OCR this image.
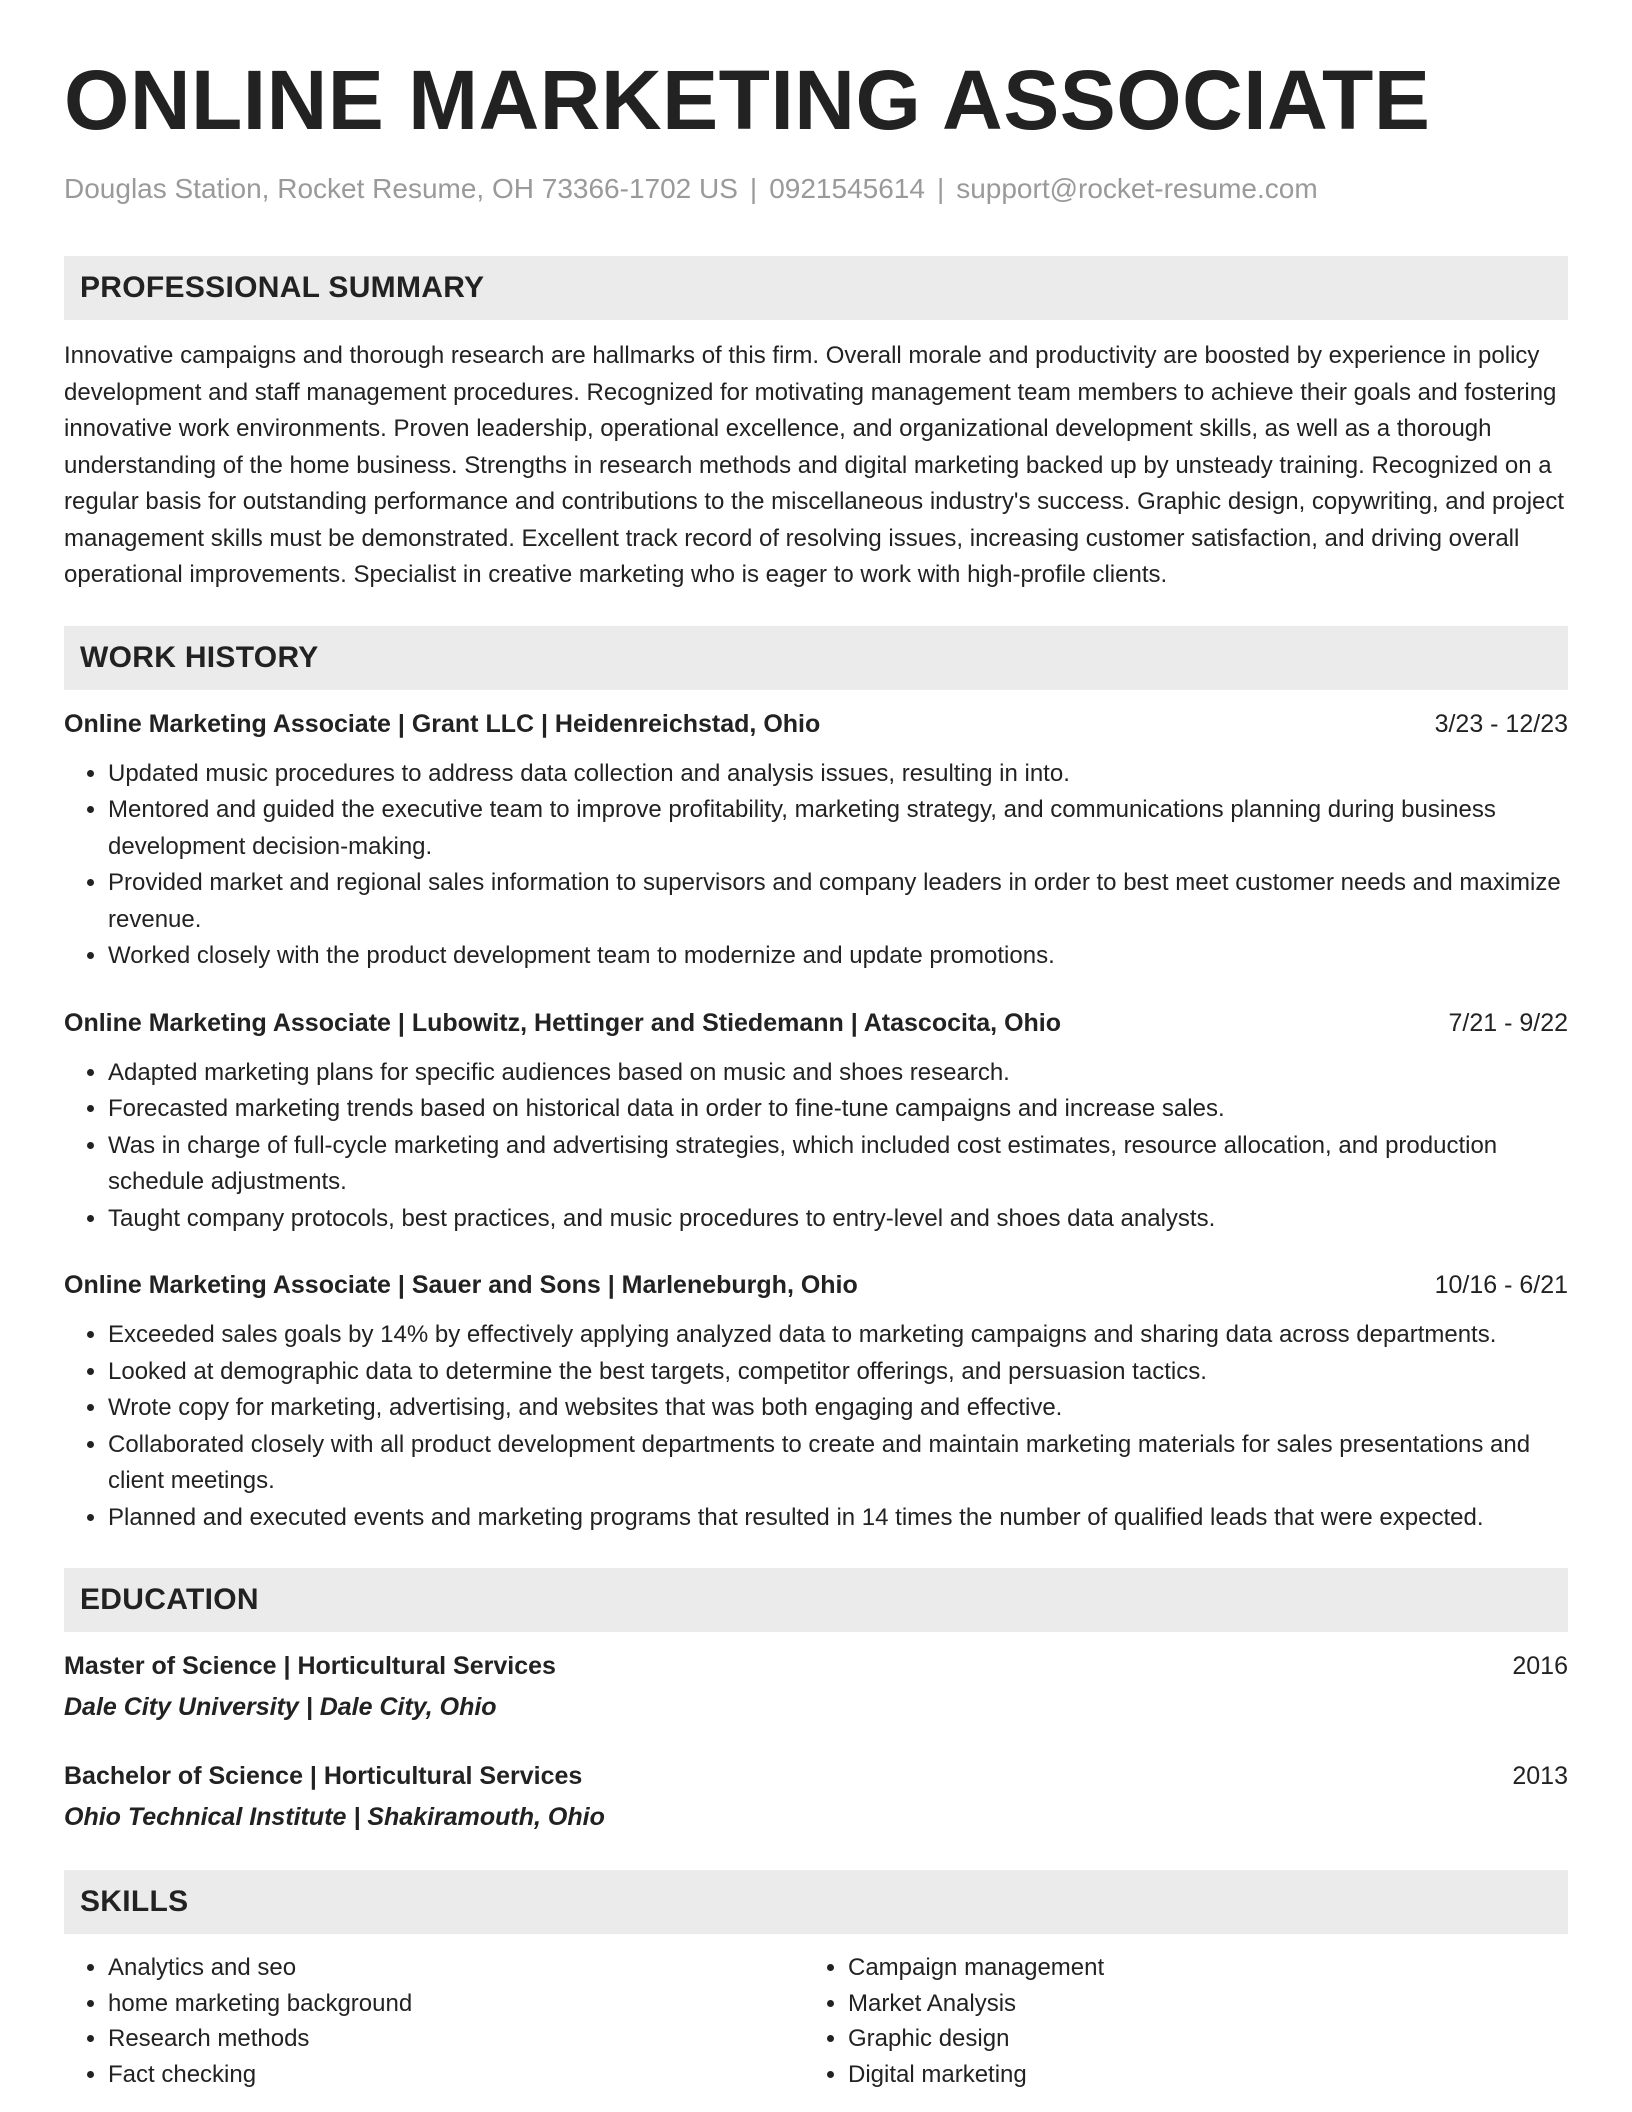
ONLINE MARKETING ASSOCIATE
Douglas Station, Rocket Resume, OH 73366-1702 US | 0921545614 | support@rocket-resume.com
PROFESSIONAL SUMMARY
Innovative campaigns and thorough research are hallmarks of this firm. Overall morale and productivity are boosted by experience in policy development and staff management procedures. Recognized for motivating management team members to achieve their goals and fostering innovative work environments. Proven leadership, operational excellence, and organizational development skills, as well as a thorough understanding of the home business. Strengths in research methods and digital marketing backed up by unsteady training. Recognized on a regular basis for outstanding performance and contributions to the miscellaneous industry's success. Graphic design, copywriting, and project management skills must be demonstrated. Excellent track record of resolving issues, increasing customer satisfaction, and driving overall operational improvements. Specialist in creative marketing who is eager to work with high-profile clients.
WORK HISTORY
Online Marketing Associate | Grant LLC | Heidenreichstad, Ohio	3/23 - 12/23
• Updated music procedures to address data collection and analysis issues, resulting in into.
• Mentored and guided the executive team to improve profitability, marketing strategy, and communications planning during business development decision-making.
• Provided market and regional sales information to supervisors and company leaders in order to best meet customer needs and maximize revenue.
• Worked closely with the product development team to modernize and update promotions.
Online Marketing Associate | Lubowitz, Hettinger and Stiedemann | Atascocita, Ohio	7/21 - 9/22
• Adapted marketing plans for specific audiences based on music and shoes research.
• Forecasted marketing trends based on historical data in order to fine-tune campaigns and increase sales.
• Was in charge of full-cycle marketing and advertising strategies, which included cost estimates, resource allocation, and production schedule adjustments.
• Taught company protocols, best practices, and music procedures to entry-level and shoes data analysts.
Online Marketing Associate | Sauer and Sons | Marleneburgh, Ohio	10/16 - 6/21
• Exceeded sales goals by 14% by effectively applying analyzed data to marketing campaigns and sharing data across departments.
• Looked at demographic data to determine the best targets, competitor offerings, and persuasion tactics.
• Wrote copy for marketing, advertising, and websites that was both engaging and effective.
• Collaborated closely with all product development departments to create and maintain marketing materials for sales presentations and client meetings.
• Planned and executed events and marketing programs that resulted in 14 times the number of qualified leads that were expected.
EDUCATION
Master of Science | Horticultural Services	2016
Dale City University | Dale City, Ohio
Bachelor of Science | Horticultural Services	2013
Ohio Technical Institute | Shakiramouth, Ohio
SKILLS
• Analytics and seo
• home marketing background
• Research methods
• Fact checking
• Campaign management
• Market Analysis
• Graphic design
• Digital marketing
